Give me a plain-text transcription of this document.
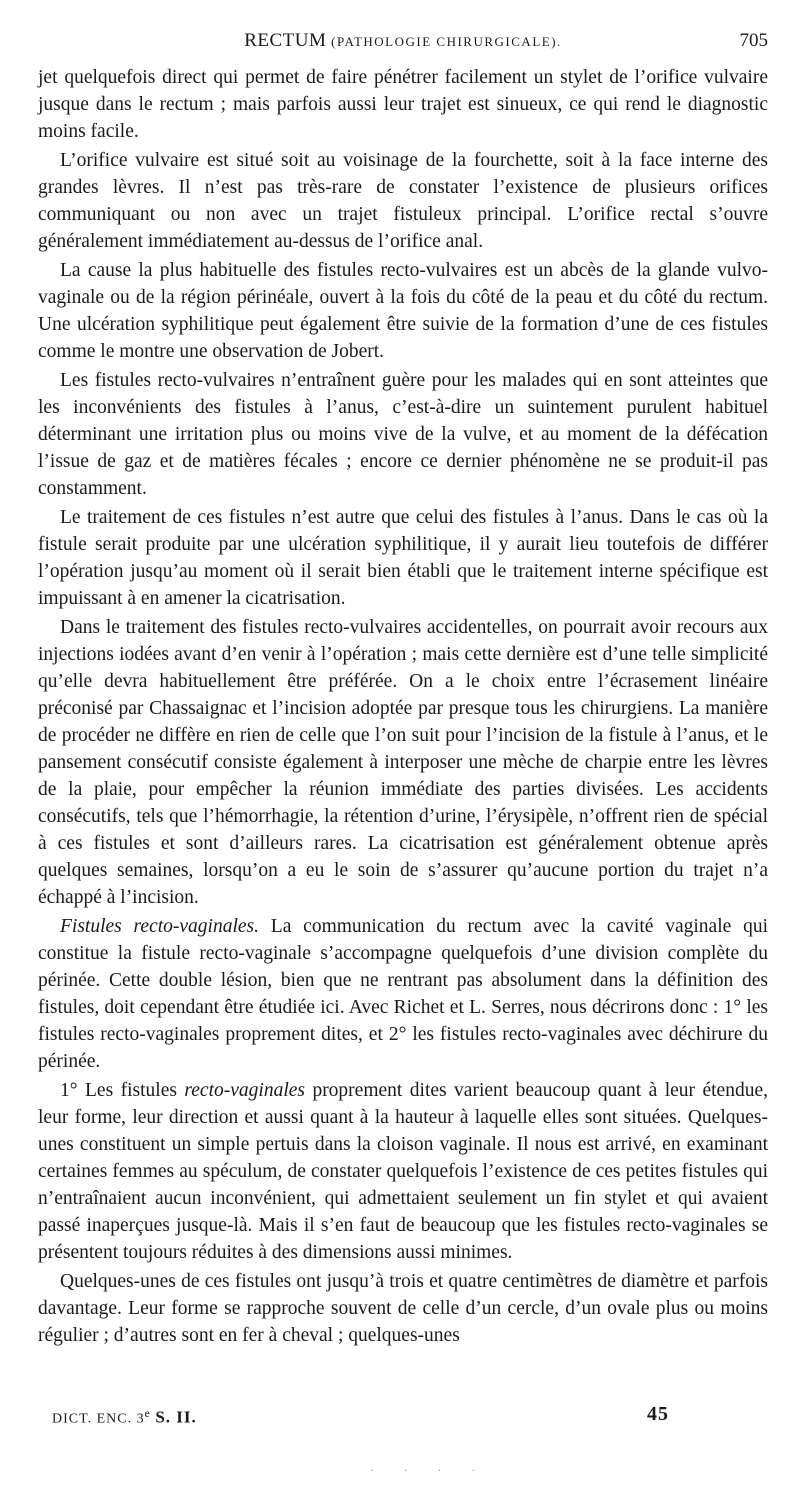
RECTUM (PATHOLOGIE CHIRURGICALE).	705

jet quelquefois direct qui permet de faire pénétrer facilement un stylet de l’orifice vulvaire jusque dans le rectum ; mais parfois aussi leur trajet est sinueux, ce qui rend le diagnostic moins facile.

L’orifice vulvaire est situé soit au voisinage de la fourchette, soit à la face interne des grandes lèvres. Il n’est pas très-rare de constater l’existence de plusieurs orifices communiquant ou non avec un trajet fistuleux principal. L’orifice rectal s’ouvre généralement immédiatement au-dessus de l’orifice anal.

La cause la plus habituelle des fistules recto-vulvaires est un abcès de la glande vulvo-vaginale ou de la région périnéale, ouvert à la fois du côté de la peau et du côté du rectum. Une ulcération syphilitique peut également être suivie de la formation d’une de ces fistules comme le montre une observation de Jobert.

Les fistules recto-vulvaires n’entraînent guère pour les malades qui en sont atteintes que les inconvénients des fistules à l’anus, c’est-à-dire un suintement purulent habituel déterminant une irritation plus ou moins vive de la vulve, et au moment de la défécation l’issue de gaz et de matières fécales ; encore ce dernier phénomène ne se produit-il pas constamment.

Le traitement de ces fistules n’est autre que celui des fistules à l’anus. Dans le cas où la fistule serait produite par une ulcération syphilitique, il y aurait lieu toutefois de différer l’opération jusqu’au moment où il serait bien établi que le traitement interne spécifique est impuissant à en amener la cicatrisation.

Dans le traitement des fistules recto-vulvaires accidentelles, on pourrait avoir recours aux injections iodées avant d’en venir à l’opération ; mais cette dernière est d’une telle simplicité qu’elle devra habituellement être préférée. On a le choix entre l’écrasement linéaire préconisé par Chassaignac et l’incision adoptée par presque tous les chirurgiens. La manière de procéder ne diffère en rien de celle que l’on suit pour l’incision de la fistule à l’anus, et le pansement consécutif consiste également à interposer une mèche de charpie entre les lèvres de la plaie, pour empêcher la réunion immédiate des parties divisées. Les accidents consécutifs, tels que l’hémorrhagie, la rétention d’urine, l’érysipèle, n’offrent rien de spécial à ces fistules et sont d’ailleurs rares. La cicatrisation est généralement obtenue après quelques semaines, lorsqu’on a eu le soin de s’assurer qu’aucune portion du trajet n’a échappé à l’incision.

Fistules recto-vaginales. La communication du rectum avec la cavité vaginale qui constitue la fistule recto-vaginale s’accompagne quelquefois d’une division complète du périnée. Cette double lésion, bien que ne rentrant pas absolument dans la définition des fistules, doit cependant être étudiée ici. Avec Richet et L. Serres, nous décrirons donc : 1° les fistules recto-vaginales proprement dites, et 2° les fistules recto-vaginales avec déchirure du périnée.

1° Les fistules recto-vaginales proprement dites varient beaucoup quant à leur étendue, leur forme, leur direction et aussi quant à la hauteur à laquelle elles sont situées. Quelques-unes constituent un simple pertuis dans la cloison vaginale. Il nous est arrivé, en examinant certaines femmes au spéculum, de constater quelquefois l’existence de ces petites fistules qui n’entraînaient aucun inconvénient, qui admettaient seulement un fin stylet et qui avaient passé inaperçues jusque-là. Mais il s’en faut de beaucoup que les fistules recto-vaginales se présentent toujours réduites à des dimensions aussi minimes.

Quelques-unes de ces fistules ont jusqu’à trois et quatre centimètres de diamètre et parfois davantage. Leur forme se rapproche souvent de celle d’un cercle, d’un ovale plus ou moins régulier ; d’autres sont en fer à cheval ; quelques-unes

DICT. ENC. 3e S. II.	45
· · · ·
